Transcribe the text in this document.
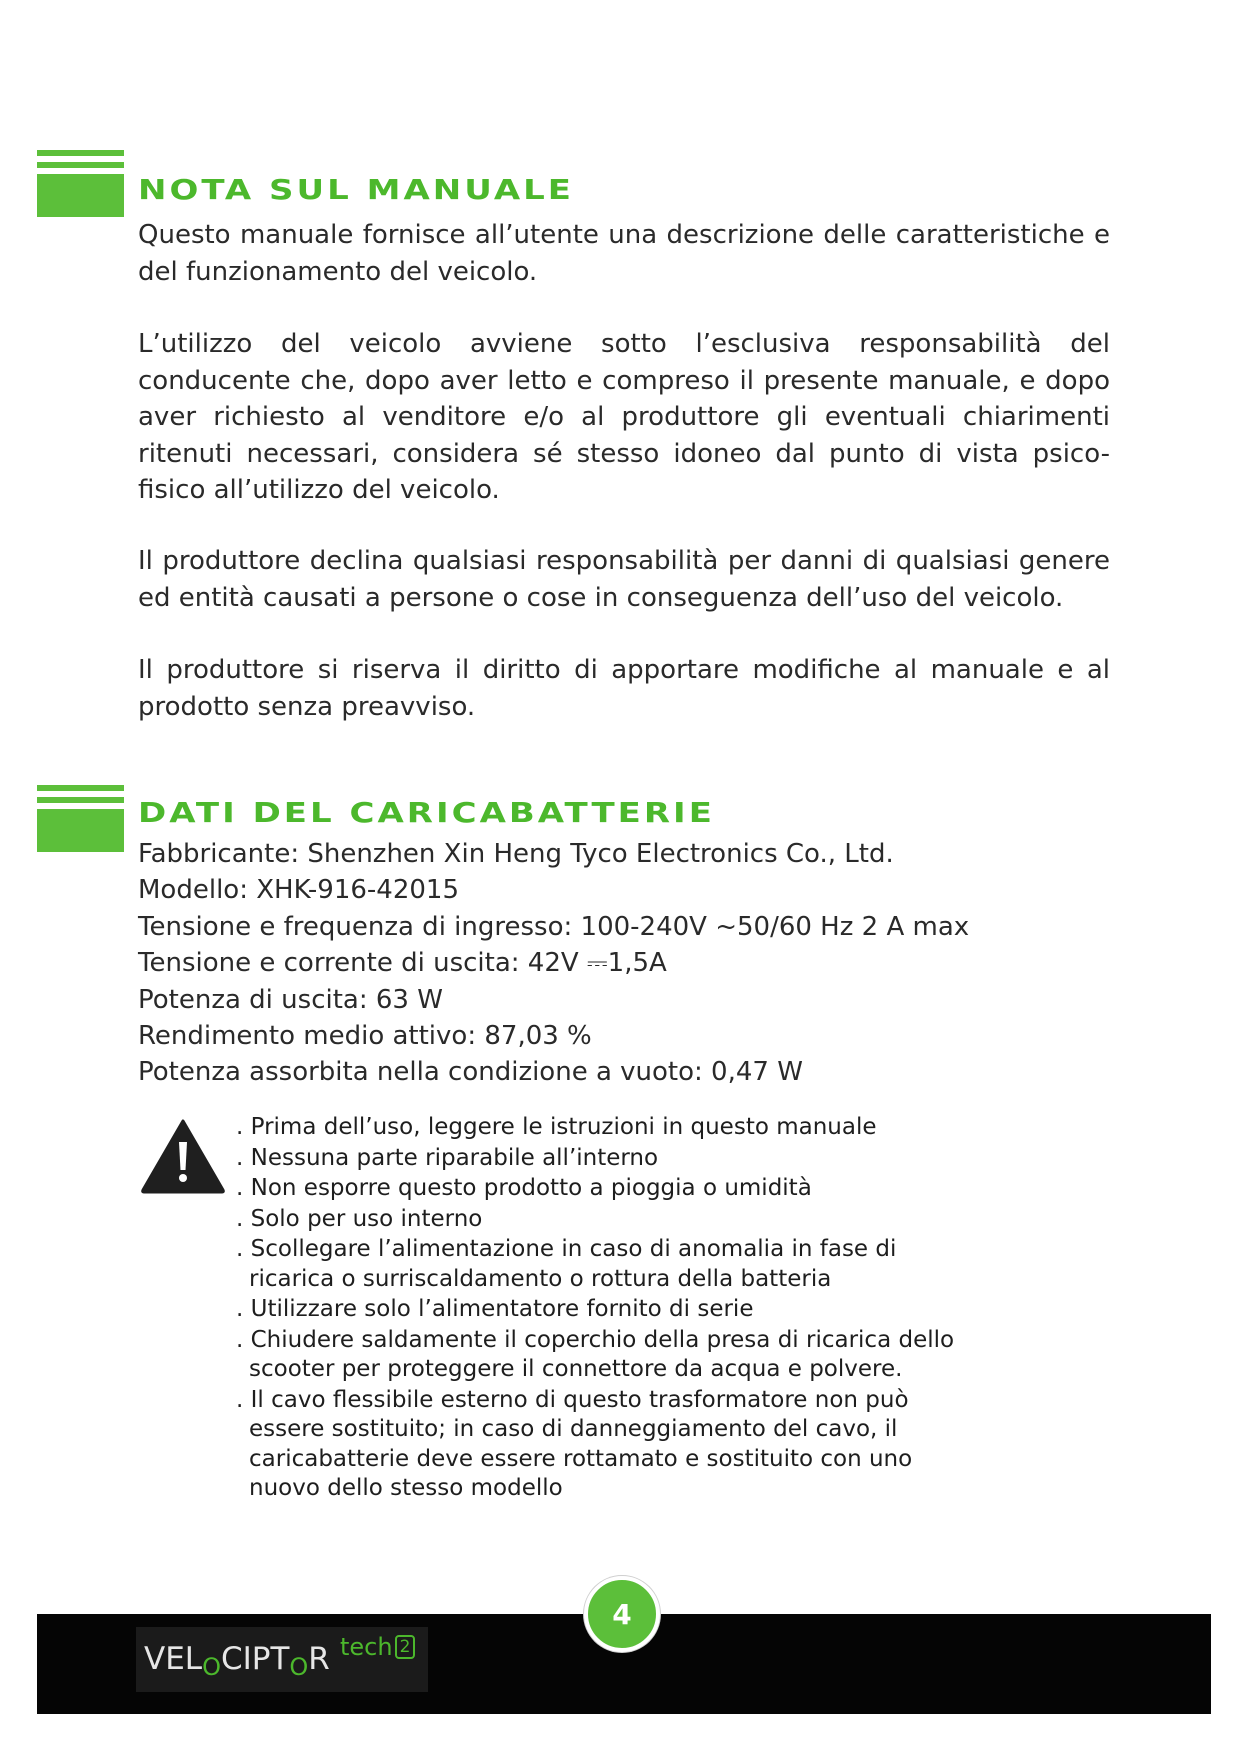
NOTA SUL MANUALE

Questo manuale fornisce all’utente una descrizione delle caratteristiche e del funzionamento del veicolo.

L’utilizzo del veicolo avviene sotto l’esclusiva responsabilità del conducente che, dopo aver letto e compreso il presente manuale, e dopo aver richiesto al venditore e/o al produttore gli eventuali chiarimenti ritenuti necessari, considera sé stesso idoneo dal punto di vista psico-fisico all’utilizzo del veicolo.

Il produttore declina qualsiasi responsabilità per danni di qualsiasi genere ed entità causati a persone o cose in conseguenza dell’uso del veicolo.

Il produttore si riserva il diritto di apportare modifiche al manuale e al prodotto senza preavviso.

DATI DEL CARICABATTERIE
Fabbricante: Shenzhen Xin Heng Tyco Electronics Co., Ltd.
Modello: XHK-916-42015
Tensione e frequenza di ingresso: 100-240V ~50/60 Hz 2 A max
Tensione e corrente di uscita: 42V ⎓1,5A
Potenza di uscita: 63 W
Rendimento medio attivo: 87,03 %
Potenza assorbita nella condizione a vuoto: 0,47 W
. Prima dell’uso, leggere le istruzioni in questo manuale
. Nessuna parte riparabile all’interno
. Non esporre questo prodotto a pioggia o umidità
. Solo per uso interno
. Scollegare l’alimentazione in caso di anomalia in fase di ricarica o surriscaldamento o rottura della batteria
. Utilizzare solo l’alimentatore fornito di serie
. Chiudere saldamente il coperchio della presa di ricarica dello scooter per proteggere il connettore da acqua e polvere.
. Il cavo flessibile esterno di questo trasformatore non può essere sostituito; in caso di danneggiamento del cavo, il caricabatterie deve essere rottamato e sostituito con uno nuovo dello stesso modello
VELOCIPTOR tech 2
4
